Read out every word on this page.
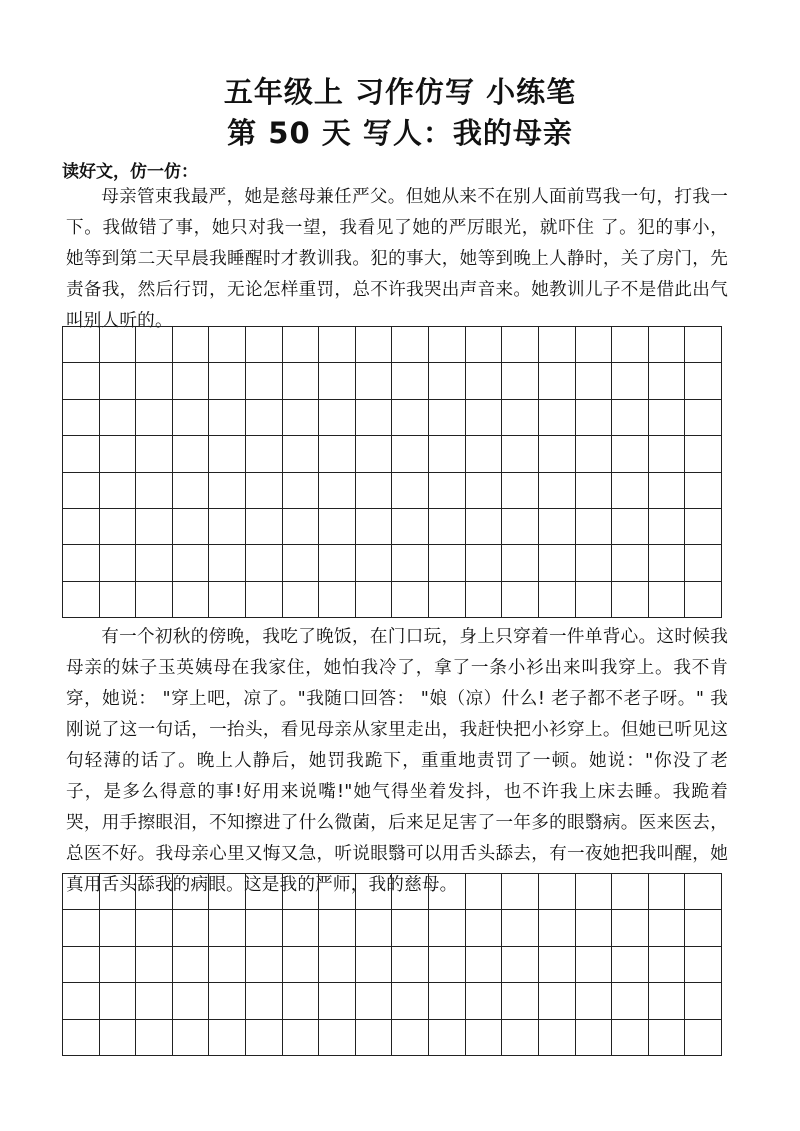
五年级上 习作仿写 小练笔
第 50 天 写人：我的母亲
读好文，仿一仿：

母亲管束我最严，她是慈母兼任严父。但她从来不在别人面前骂我一句，打我一下。我做错了事，她只对我一望，我看见了她的严厉眼光，就吓住 了。犯的事小，她等到第二天早晨我睡醒时才教训我。犯的事大，她等到晚上人静时，关了房门，先责备我，然后行罚，无论怎样重罚，总不许我哭出声音来。她教训儿子不是借此出气叫别人听的。

有一个初秋的傍晚，我吃了晚饭，在门口玩，身上只穿着一件单背心。这时候我母亲的妹子玉英姨母在我家住，她怕我冷了，拿了一条小衫出来叫我穿上。我不肯穿，她说： "穿上吧，凉了。"我随口回答： "娘（凉）什么! 老子都不老子呀。" 我刚说了这一句话，一抬头，看见母亲从家里走出，我赶快把小衫穿上。但她已听见这句轻薄的话了。晚上人静后，她罚我跪下，重重地责罚了一顿。她说："你没了老子，是多么得意的事!好用来说嘴!"她气得坐着发抖，也不许我上床去睡。我跪着哭，用手擦眼泪，不知擦进了什么微菌，后来足足害了一年多的眼翳病。医来医去，总医不好。我母亲心里又悔又急，听说眼翳可以用舌头舔去，有一夜她把我叫醒，她真用舌头舔我的病眼。这是我的严师，我的慈母。
